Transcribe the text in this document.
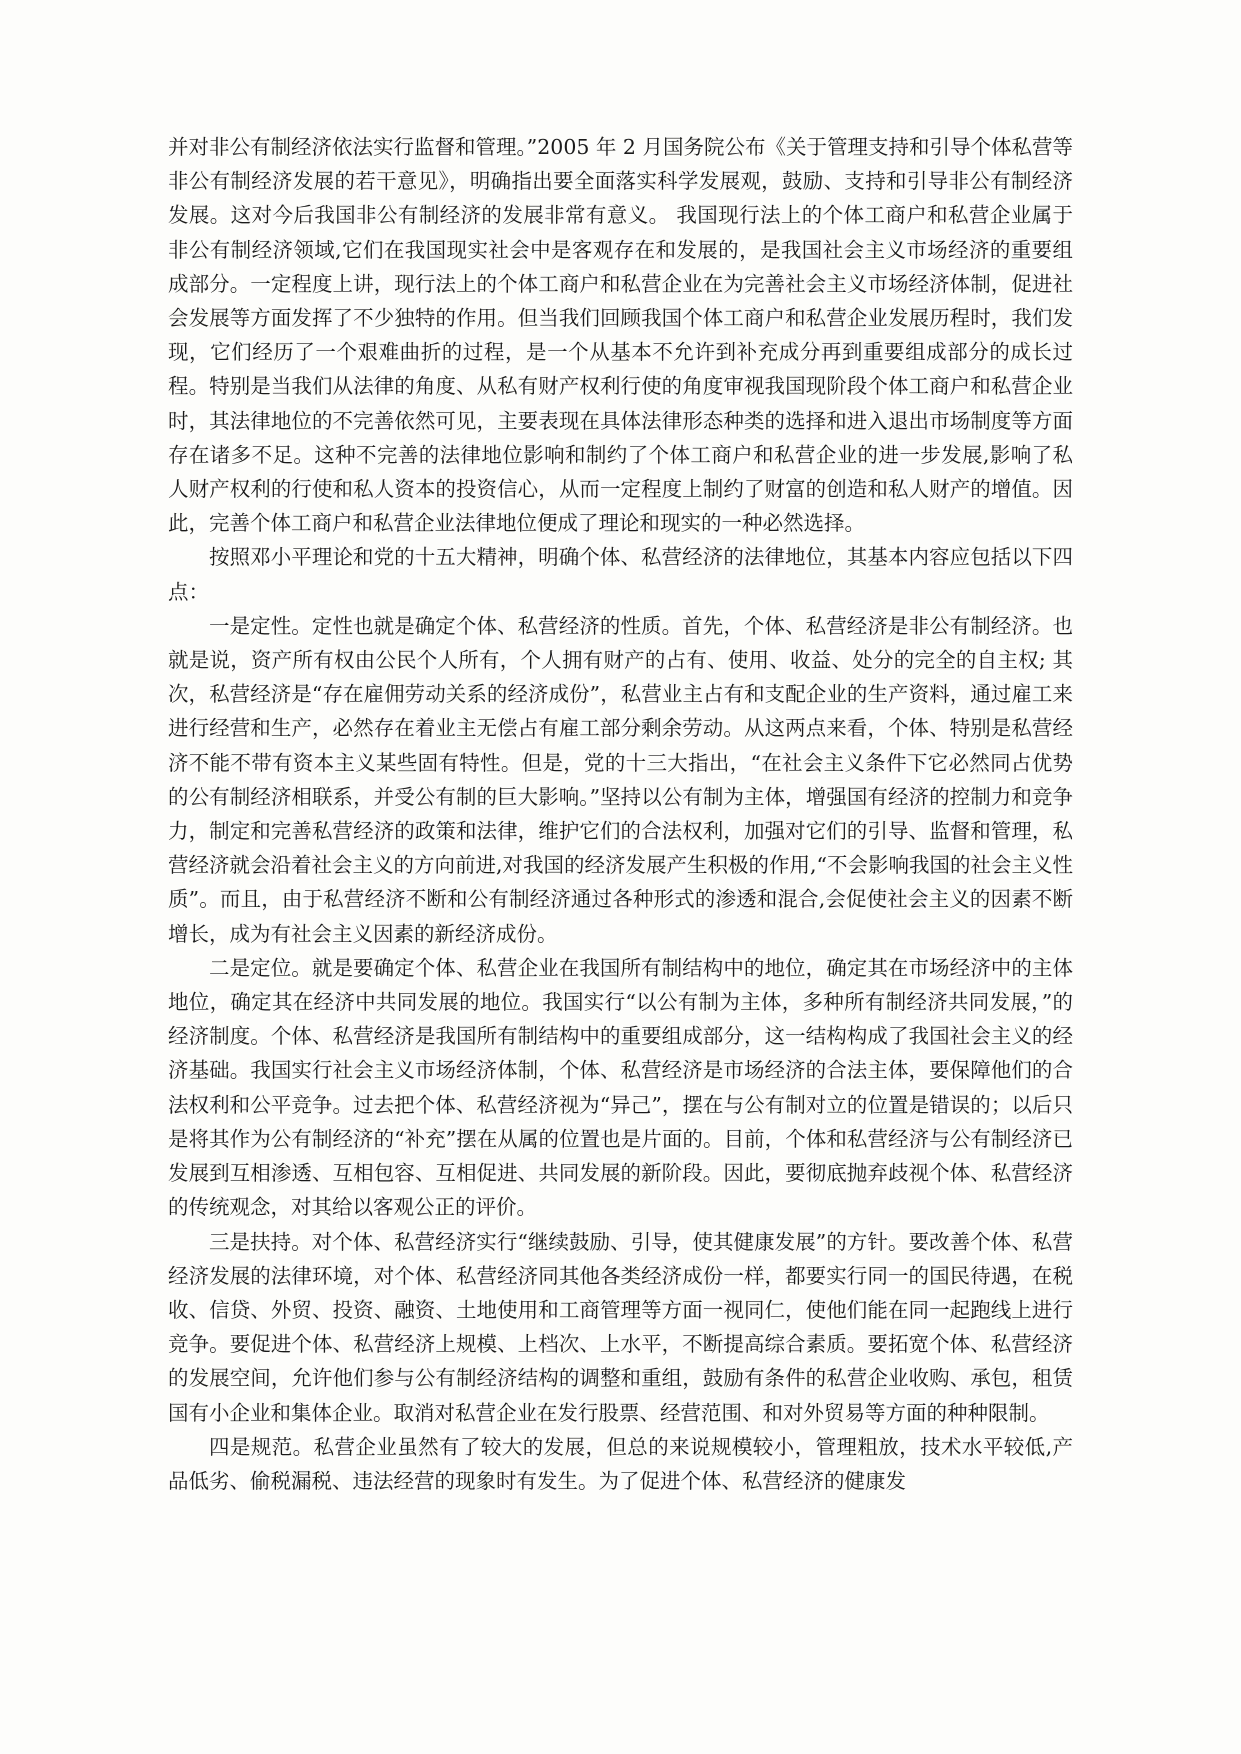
并对非公有制经济依法实行监督和管理。”2005 年 2 月国务院公布《关于管理支持和引导个体私营等非公有制经济发展的若干意见》，明确指出要全面落实科学发展观，鼓励、支持和引导非公有制经济发展。这对今后我国非公有制经济的发展非常有意义。 我国现行法上的个体工商户和私营企业属于非公有制经济领域,它们在我国现实社会中是客观存在和发展的，是我国社会主义市场经济的重要组成部分。一定程度上讲，现行法上的个体工商户和私营企业在为完善社会主义市场经济体制，促进社会发展等方面发挥了不少独特的作用。但当我们回顾我国个体工商户和私营企业发展历程时，我们发现，它们经历了一个艰难曲折的过程，是一个从基本不允许到补充成分再到重要组成部分的成长过程。特别是当我们从法律的角度、从私有财产权利行使的角度审视我国现阶段个体工商户和私营企业时，其法律地位的不完善依然可见，主要表现在具体法律形态种类的选择和进入退出市场制度等方面存在诸多不足。这种不完善的法律地位影响和制约了个体工商户和私营企业的进一步发展,影响了私人财产权利的行使和私人资本的投资信心，从而一定程度上制约了财富的创造和私人财产的增值。因此，完善个体工商户和私营企业法律地位便成了理论和现实的一种必然选择。

按照邓小平理论和党的十五大精神，明确个体、私营经济的法律地位，其基本内容应包括以下四点：

一是定性。定性也就是确定个体、私营经济的性质。首先，个体、私营经济是非公有制经济。也就是说，资产所有权由公民个人所有，个人拥有财产的占有、使用、收益、处分的完全的自主权; 其次，私营经济是“存在雇佣劳动关系的经济成份”，私营业主占有和支配企业的生产资料，通过雇工来进行经营和生产，必然存在着业主无偿占有雇工部分剩余劳动。从这两点来看，个体、特别是私营经济不能不带有资本主义某些固有特性。但是，党的十三大指出，“在社会主义条件下它必然同占优势的公有制经济相联系，并受公有制的巨大影响。”坚持以公有制为主体，增强国有经济的控制力和竞争力，制定和完善私营经济的政策和法律，维护它们的合法权利，加强对它们的引导、监督和管理，私营经济就会沿着社会主义的方向前进,对我国的经济发展产生积极的作用,“不会影响我国的社会主义性质”。而且，由于私营经济不断和公有制经济通过各种形式的渗透和混合,会促使社会主义的因素不断增长，成为有社会主义因素的新经济成份。

二是定位。就是要确定个体、私营企业在我国所有制结构中的地位，确定其在市场经济中的主体地位，确定其在经济中共同发展的地位。我国实行“以公有制为主体，多种所有制经济共同发展，”的经济制度。个体、私营经济是我国所有制结构中的重要组成部分，这一结构构成了我国社会主义的经济基础。我国实行社会主义市场经济体制，个体、私营经济是市场经济的合法主体，要保障他们的合法权利和公平竞争。过去把个体、私营经济视为“异己”，摆在与公有制对立的位置是错误的；以后只是将其作为公有制经济的“补充”摆在从属的位置也是片面的。目前，个体和私营经济与公有制经济已发展到互相渗透、互相包容、互相促进、共同发展的新阶段。因此，要彻底抛弃歧视个体、私营经济的传统观念，对其给以客观公正的评价。

三是扶持。对个体、私营经济实行“继续鼓励、引导，使其健康发展”的方针。要改善个体、私营经济发展的法律环境，对个体、私营经济同其他各类经济成份一样，都要实行同一的国民待遇，在税收、信贷、外贸、投资、融资、土地使用和工商管理等方面一视同仁，使他们能在同一起跑线上进行竞争。要促进个体、私营经济上规模、上档次、上水平，不断提高综合素质。要拓宽个体、私营经济的发展空间，允许他们参与公有制经济结构的调整和重组，鼓励有条件的私营企业收购、承包，租赁国有小企业和集体企业。取消对私营企业在发行股票、经营范围、和对外贸易等方面的种种限制。

四是规范。私营企业虽然有了较大的发展，但总的来说规模较小，管理粗放，技术水平较低,产品低劣、偷税漏税、违法经营的现象时有发生。为了促进个体、私营经济的健康发
